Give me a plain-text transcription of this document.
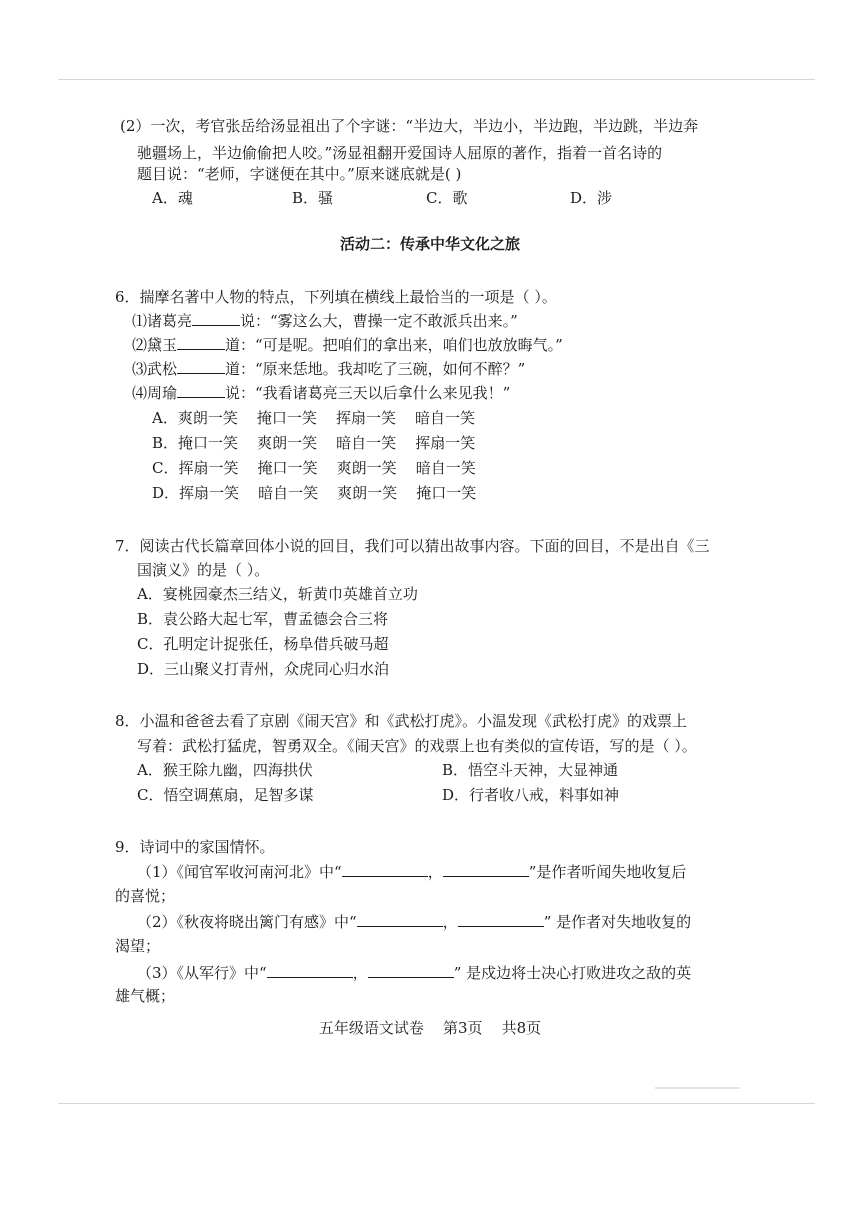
(2）一次，考官张岳给汤显祖出了个字谜：“半边大，半边小，半边跑，半边跳，半边奔
驰疆场上，半边偷偷把人咬。”汤显祖翻开爱国诗人屈原的著作，指着一首名诗的
题目说：“老师，字谜便在其中。”原来谜底就是( )
A．魂	B．骚	C．歌	D．涉
活动二：传承中华文化之旅
6．揣摩名著中人物的特点，下列填在横线上最恰当的一项是（ ）。
⑴诸葛亮	说：“雾这么大，曹操一定不敢派兵出来。”
⑵黛玉	道：“可是呢。把咱们的拿出来，咱们也放放晦气。”
⑶武松	道：“原来恁地。我却吃了三碗，如何不醉？”
⑷周瑜	说：“我看诸葛亮三天以后拿什么来见我！”
A．爽朗一笑    掩口一笑    挥扇一笑    暗自一笑
B．掩口一笑    爽朗一笑    暗自一笑    挥扇一笑
C．挥扇一笑    掩口一笑    爽朗一笑    暗自一笑
D．挥扇一笑    暗自一笑    爽朗一笑    掩口一笑
7．阅读古代长篇章回体小说的回目，我们可以猜出故事内容。下面的回目，不是出自《三
国演义》的是（ ）。
A．宴桃园豪杰三结义，斩黄巾英雄首立功
B．袁公路大起七军，曹孟德会合三将
C．孔明定计捉张任，杨阜借兵破马超
D．三山聚义打青州，众虎同心归水泊
8．小温和爸爸去看了京剧《闹天宫》和《武松打虎》。小温发现《武松打虎》的戏票上
写着：武松打猛虎，智勇双全。《闹天宫》的戏票上也有类似的宣传语，写的是（ ）。
A．猴王除九幽，四海拱伏	B．悟空斗天神，大显神通
C．悟空调蕉扇，足智多谋	D．行者收八戒，料事如神
9．诗词中的家国情怀。
（1）《闻官军收河南河北》中“	，	”是作者听闻失地收复后
的喜悦；
（2）《秋夜将晓出篱门有感》中“	，	” 是作者对失地收复的
渴望；
（3）《从军行》中“	，	” 是戍边将士决心打败进攻之敌的英
雄气概；
五年级语文试卷    第3页    共8页
